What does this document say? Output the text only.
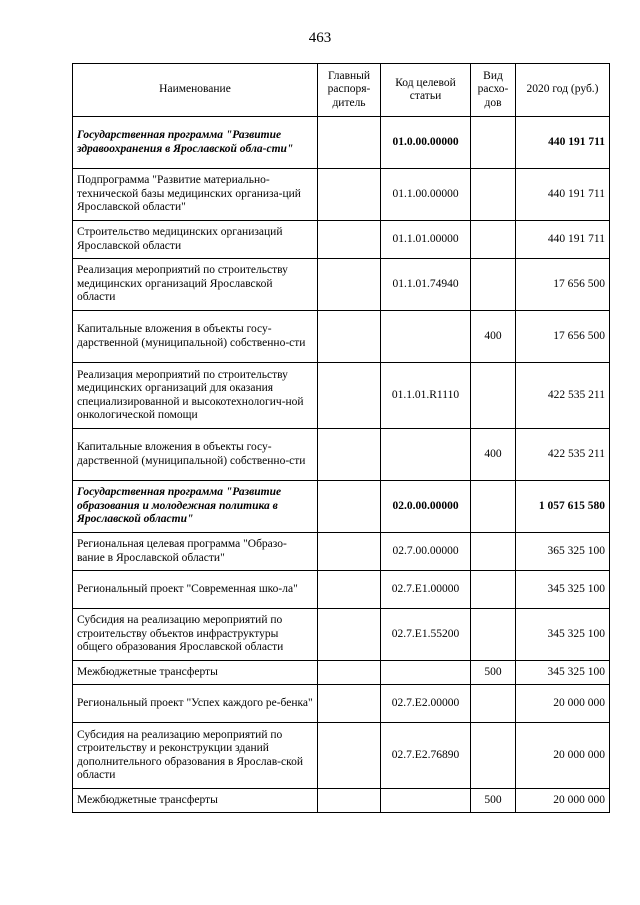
463
Наименование	Главный распоря-дитель	Код целевой статьи	Вид расхо-дов	2020 год (руб.)
Государственная программа "Развитие здравоохранения в Ярославской обла-сти"		01.0.00.00000		440 191 711
Подпрограмма "Развитие материально-технической базы медицинских организа-ций Ярославской области"		01.1.00.00000		440 191 711
Строительство медицинских организаций Ярославской области		01.1.01.00000		440 191 711
Реализация мероприятий по строительству медицинских организаций Ярославской области		01.1.01.74940		17 656 500
Капитальные вложения в объекты госу-дарственной (муниципальной) собственно-сти			400	17 656 500
Реализация мероприятий по строительству медицинских организаций для оказания специализированной и высокотехнологич-ной онкологической помощи		01.1.01.R1110		422 535 211
Капитальные вложения в объекты госу-дарственной (муниципальной) собственно-сти			400	422 535 211
Государственная программа "Развитие образования и молодежная политика в Ярославской области"		02.0.00.00000		1 057 615 580
Региональная целевая программа "Образо-вание в Ярославской области"		02.7.00.00000		365 325 100
Региональный проект "Современная шко-ла"		02.7.E1.00000		345 325 100
Субсидия на реализацию мероприятий по строительству объектов инфраструктуры общего образования Ярославской области		02.7.E1.55200		345 325 100
Межбюджетные трансферты			500	345 325 100
Региональный проект "Успех каждого ре-бенка"		02.7.E2.00000		20 000 000
Субсидия на реализацию мероприятий по строительству и реконструкции зданий дополнительного образования в Ярослав-ской области		02.7.E2.76890		20 000 000
Межбюджетные трансферты			500	20 000 000
